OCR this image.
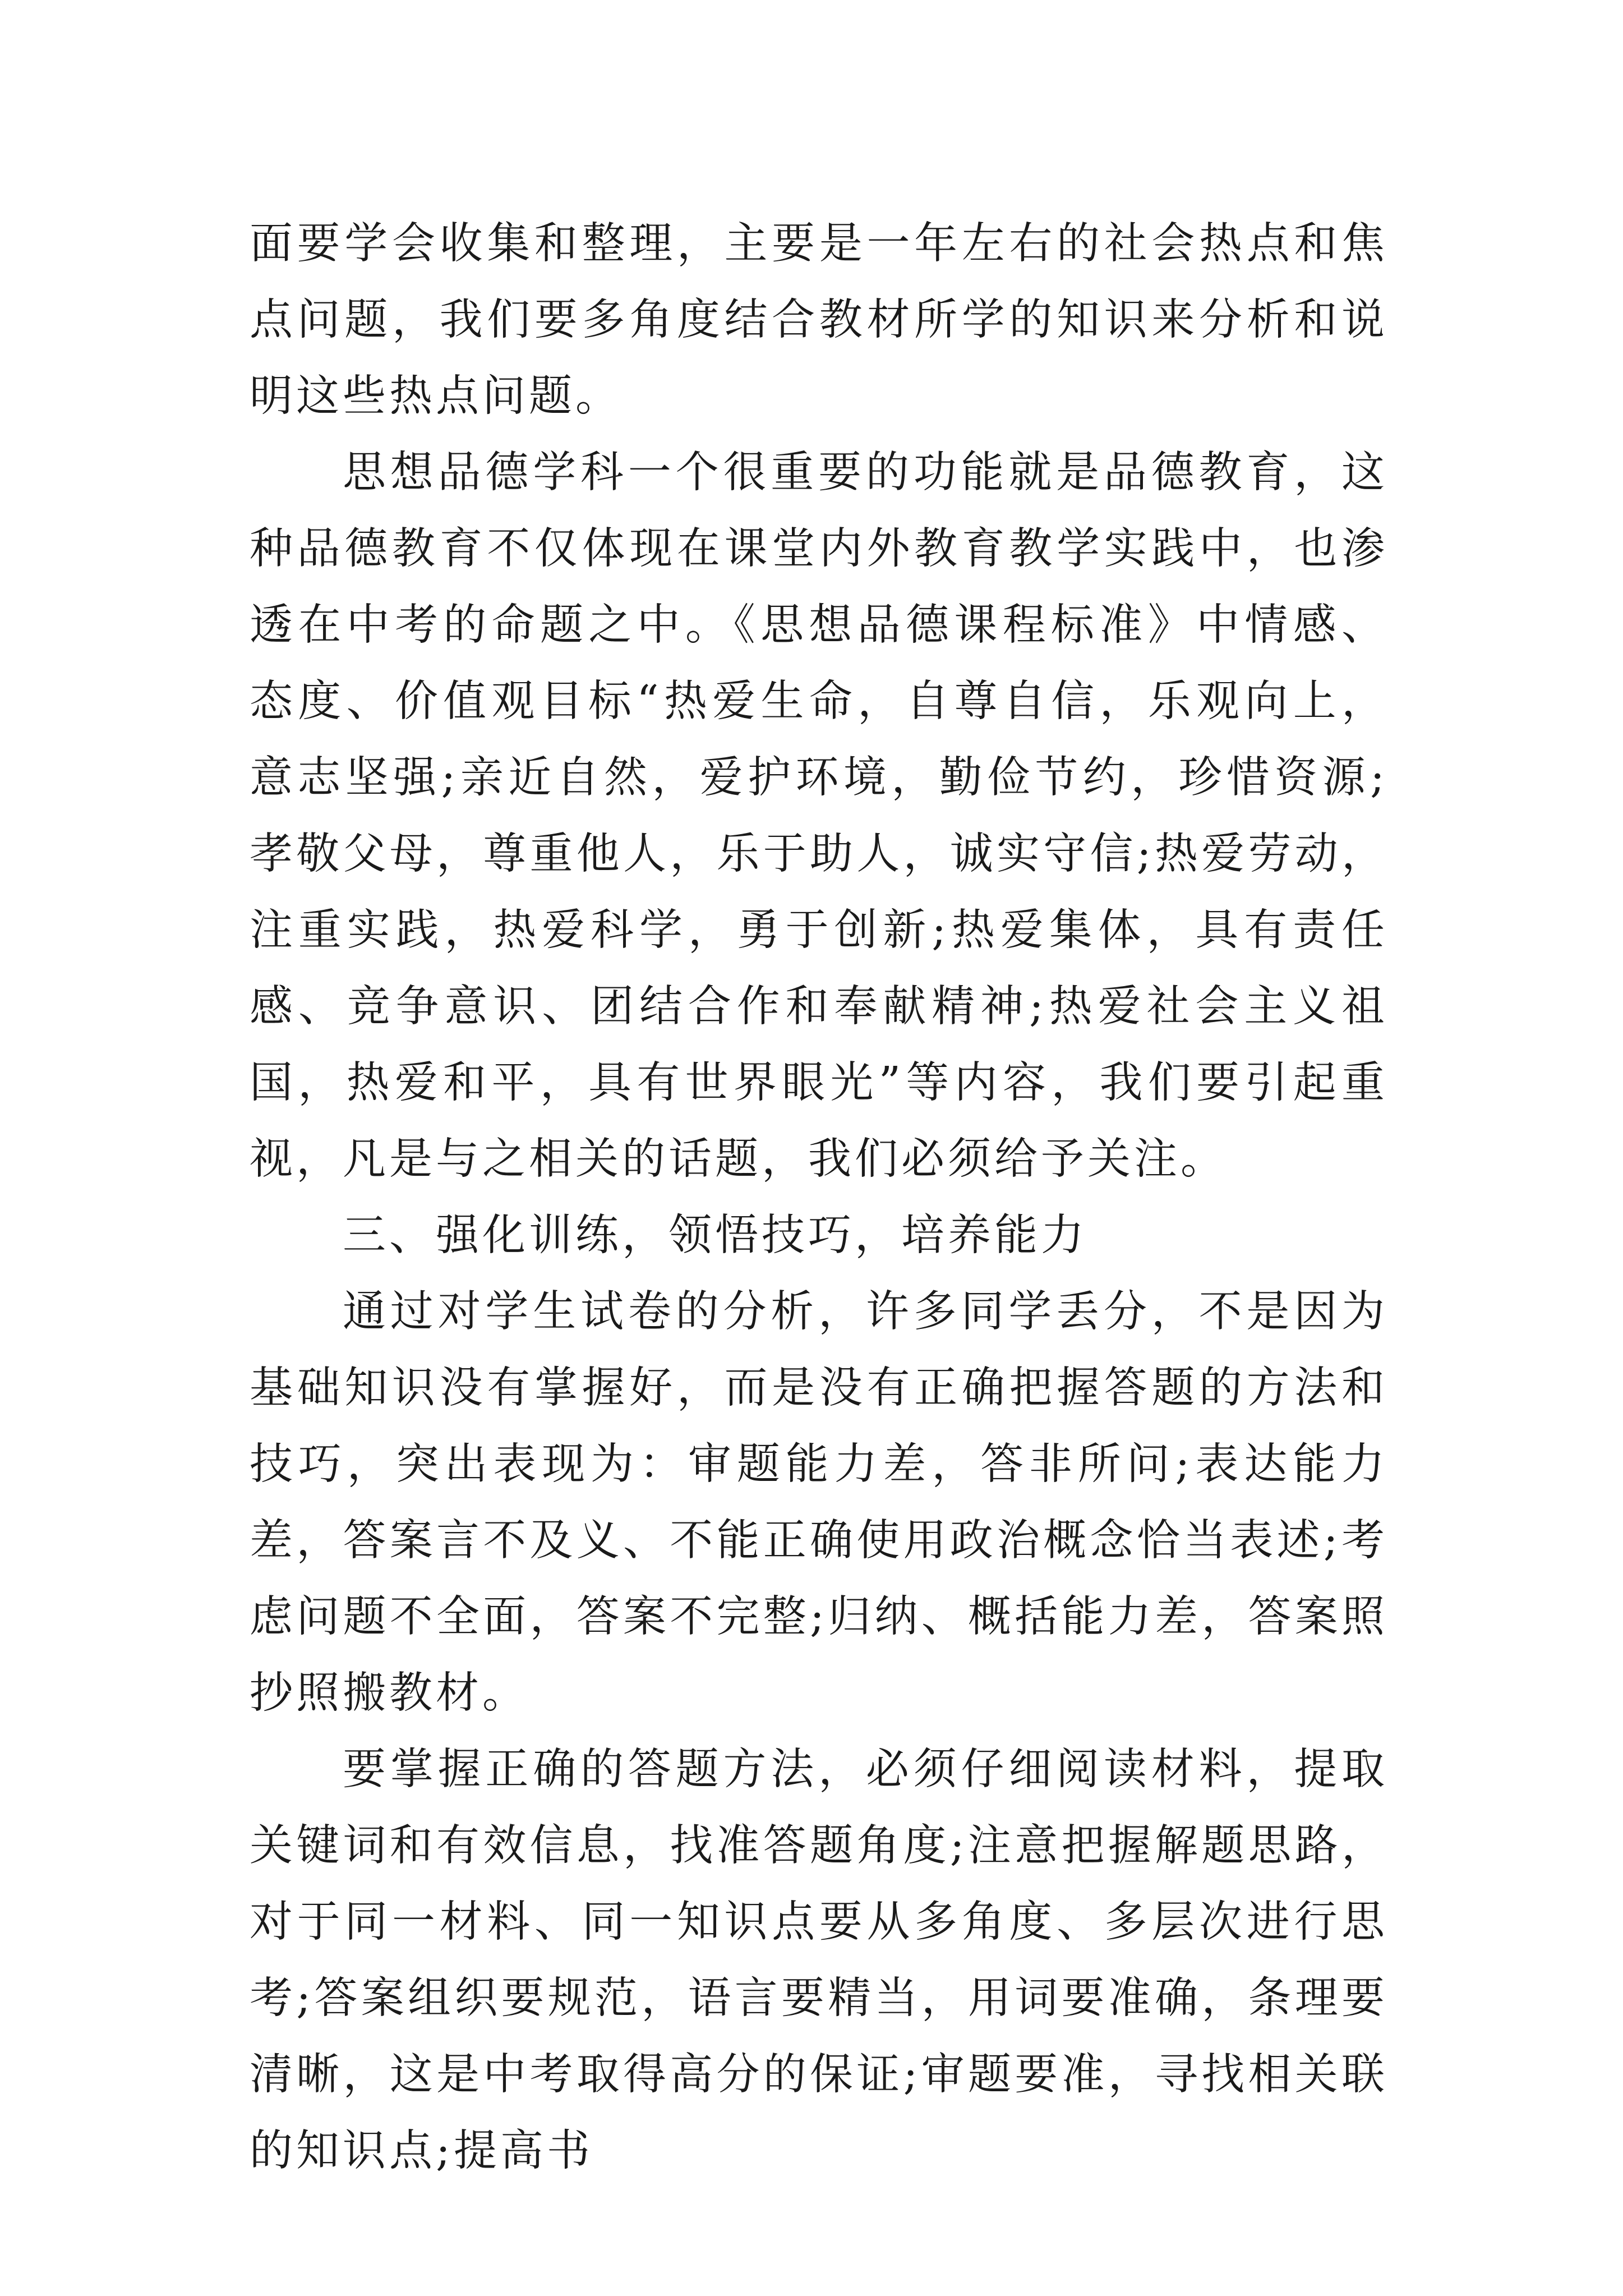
面要学会收集和整理，主要是一年左右的社会热点和焦点问题，我们要多角度结合教材所学的知识来分析和说明这些热点问题。

思想品德学科一个很重要的功能就是品德教育，这种品德教育不仅体现在课堂内外教育教学实践中，也渗透在中考的命题之中。《思想品德课程标准》中情感、态度、价值观目标“热爱生命，自尊自信，乐观向上，意志坚强;亲近自然，爱护环境，勤俭节约，珍惜资源;孝敬父母，尊重他人，乐于助人，诚实守信;热爱劳动，注重实践，热爱科学，勇于创新;热爱集体，具有责任感、竞争意识、团结合作和奉献精神;热爱社会主义祖国，热爱和平，具有世界眼光”等内容，我们要引起重视，凡是与之相关的话题，我们必须给予关注。

三、强化训练，领悟技巧，培养能力

通过对学生试卷的分析，许多同学丢分，不是因为基础知识没有掌握好，而是没有正确把握答题的方法和技巧，突出表现为：审题能力差，答非所问;表达能力差，答案言不及义、不能正确使用政治概念恰当表述;考虑问题不全面，答案不完整;归纳、概括能力差，答案照抄照搬教材。

要掌握正确的答题方法，必须仔细阅读材料，提取关键词和有效信息，找准答题角度;注意把握解题思路，对于同一材料、同一知识点要从多角度、多层次进行思考;答案组织要规范，语言要精当，用词要准确，条理要清晰，这是中考取得高分的保证;审题要准，寻找相关联的知识点;提高书
